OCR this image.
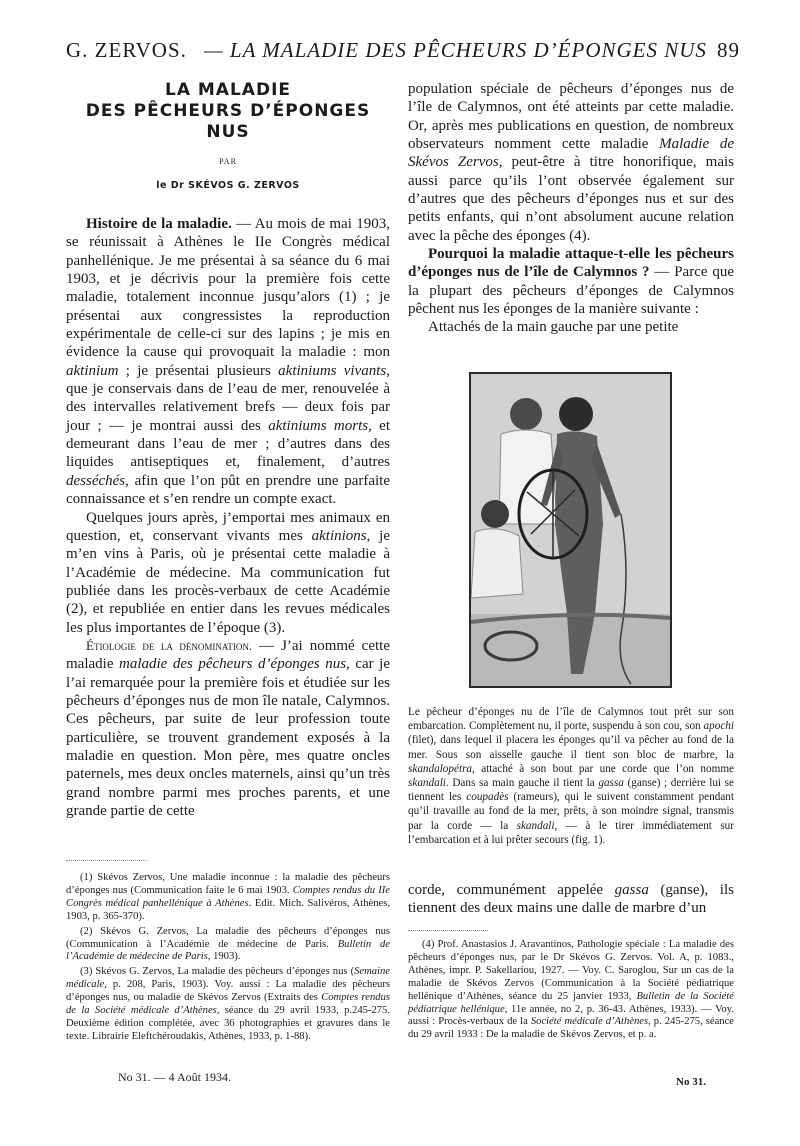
G. ZERVOS. — LA MALADIE DES PÊCHEURS D’ÉPONGES NUS 89
LA MALADIE
DES PÊCHEURS D’ÉPONGES
NUS
PAR
le Dr SKÉVOS G. ZERVOS

Histoire de la maladie. — Au mois de mai 1903, se réunissait à Athènes le IIe Congrès médical panhellénique. Je me présentai à sa séance du 6 mai 1903, et je décrivis pour la première fois cette maladie, totalement inconnue jusqu’alors (1) ; je présentai aux congressistes la reproduction expérimentale de celle-ci sur des lapins ; je mis en évidence la cause qui provoquait la maladie : mon aktinium ; je présentai plusieurs aktiniums vivants, que je conservais dans de l’eau de mer, renouvelée à des intervalles relativement brefs — deux fois par jour ; — je montrai aussi des aktiniums morts, et demeurant dans l’eau de mer ; d’autres dans des liquides antiseptiques et, finalement, d’autres desséchés, afin que l’on pût en prendre une parfaite connaissance et s’en rendre un compte exact.

Quelques jours après, j’emportai mes animaux en question, et, conservant vivants mes aktinions, je m’en vins à Paris, où je présentai cette maladie à l’Académie de médecine. Ma communication fut publiée dans les procès-verbaux de cette Académie (2), et republiée en entier dans les revues médicales les plus importantes de l’époque (3).

Étiologie de la dénomination. — J’ai nommé cette maladie maladie des pêcheurs d’éponges nus, car je l’ai remarquée pour la première fois et étudiée sur les pêcheurs d’éponges nus de mon île natale, Calymnos. Ces pêcheurs, par suite de leur profession toute particulière, se trouvent grandement exposés à la maladie en question. Mon père, mes quatre oncles paternels, mes deux oncles maternels, ainsi qu’un très grand nombre parmi mes proches parents, et une grande partie de cette

population spéciale de pêcheurs d’éponges nus de l’île de Calymnos, ont été atteints par cette maladie. Or, après mes publications en question, de nombreux observateurs nomment cette maladie Maladie de Skévos Zervos, peut-être à titre honorifique, mais aussi parce qu’ils l’ont observée également sur d’autres que des pêcheurs d’éponges nus et sur des petits enfants, qui n’ont absolument aucune relation avec la pêche des éponges (4).

Pourquoi la maladie attaque-t-elle les pêcheurs d’éponges nus de l’île de Calymnos ? — Parce que la plupart des pêcheurs d’éponges de Calymnos pêchent nus les éponges de la manière suivante :

Attachés de la main gauche par une petite

Le pêcheur d’éponges nu de l’île de Calymnos tout prêt sur son embarcation. Complètement nu, il porte, suspendu à son cou, son apochi (filet), dans lequel il placera les éponges qu’il va pêcher au fond de la mer. Sous son aisselle gauche il tient son bloc de marbre, la skandalopétra, attaché à son bout par une corde que l’on nomme skandali. Dans sa main gauche il tient la gassa (ganse) ; derrière lui se tiennent les coupadès (rameurs), qui le suivent constamment pendant qu’il travaille au fond de la mer, prêts, à son moindre signal, transmis par la corde — la skandali, — à le tirer immédiatement sur l’embarcation et à lui prêter secours (fig. 1).

corde, communément appelée gassa (ganse), ils tiennent des deux mains une dalle de marbre d’un

(1) Skévos Zervos, Une maladie inconnue : la maladie des pêcheurs d’éponges nus (Communication faite le 6 mai 1903. Comptes rendus du IIe Congrès médical panhellénique à Athènes. Edit. Mich. Salivéros, Athènes, 1903, p. 365-370).

(2) Skévos G. Zervos, La maladie des pêcheurs d’éponges nus (Communication à l’Académie de médecine de Paris. Bulletin de l’Académie de médecine de Paris, 1903).

(3) Skévos G. Zervos, La maladie des pêcheurs d’éponges nus (Semaine médicale, p. 208, Paris, 1903). Voy. aussi : La maladie des pêcheurs d’éponges nus, ou maladie de Skévos Zervos (Extraits des Comptes rendus de la Société médicale d’Athènes, séance du 29 avril 1933, p.245-275. Deuxième édition complétée, avec 36 photographies et gravures dans le texte. Librairie Eleftchéroudakis, Athènes, 1933, p. 1-88).

(4) Prof. Anastasios J. Aravantinos, Pathologie spéciale : La maladie des pêcheurs d’éponges nus, par le Dr Skévos G. Zervos. Vol. A, p. 1083., Athènes, impr. P. Sakellariou, 1927. — Voy. C. Saroglou, Sur un cas de la maladie de Skévos Zervos (Communication à la Société pédiatrique hellénique d’Athènes, séance du 25 janvier 1933, Bulletin de la Société pédiatrique hellénique, 11e année, no 2, p. 36-43. Athènes, 1933). — Voy. aussi : Procès-verbaux de la Société médicale d’Athènes, p. 245-275, séance du 29 avril 1933 : De la maladie de Skévos Zervos, et p. a.

No 31. — 4 Août 1934.	No 31.
